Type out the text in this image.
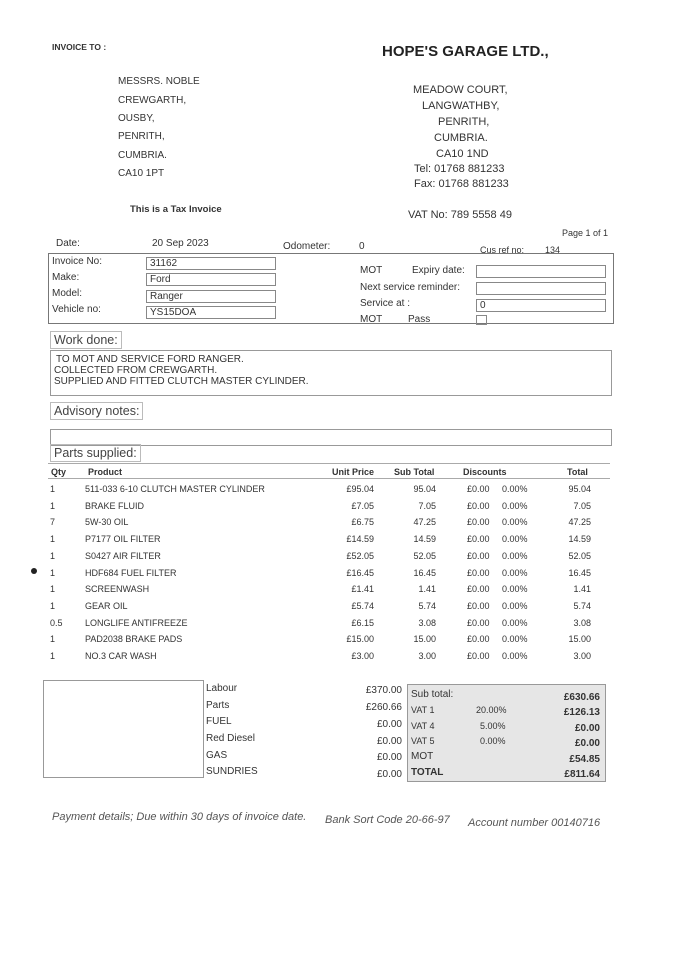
INVOICE TO :	HOPE'S GARAGE LTD.,
MESSRS. NOBLE
CREWGARTH,
OUSBY,
PENRITH,
CUMBRIA.
CA10 1PT
MEADOW COURT,
LANGWATHBY,
PENRITH,
CUMBRIA.
CA10 1ND
Tel: 01768 881233
Fax: 01768 881233
This is a Tax Invoice	VAT No: 789 5558 49
Page 1 of 1
Date:	20 Sep 2023	Odometer:	0	Cus ref no: 134
Invoice No:	31162
Make:	Ford
Model:	Ranger
Vehicle no:	YS15DOA
MOT	Expiry date:
Next service reminder:
Service at :	0
MOT	Pass
Work done:
TO MOT AND SERVICE FORD RANGER.
COLLECTED FROM CREWGARTH.
SUPPLIED AND FITTED CLUTCH MASTER CYLINDER.
Advisory notes:
Parts supplied:
Qty Product	Unit Price Sub Total	Discounts	Total
1	511-033 6-10 CLUTCH MASTER CYLINDER	£95.04	95.04	£0.00 0.00%	95.04
1	BRAKE FLUID	£7.05	7.05	£0.00 0.00%	7.05
7	5W-30 OIL	£6.75	47.25	£0.00 0.00%	47.25
1	P7177 OIL FILTER	£14.59	14.59	£0.00 0.00%	14.59
1	S0427 AIR FILTER	£52.05	52.05	£0.00 0.00%	52.05
1	HDF684 FUEL FILTER	£16.45	16.45	£0.00 0.00%	16.45
1	SCREENWASH	£1.41	1.41	£0.00 0.00%	1.41
1	GEAR OIL	£5.74	5.74	£0.00 0.00%	5.74
0.5 LONGLIFE ANTIFREEZE	£6.15	3.08	£0.00 0.00%	3.08
1	PAD2038 BRAKE PADS	£15.00	15.00	£0.00 0.00%	15.00
1	NO.3 CAR WASH	£3.00	3.00	£0.00 0.00%	3.00
Labour	£370.00
Parts	£260.66
FUEL	£0.00
Red Diesel	£0.00
GAS	£0.00
SUNDRIES	£0.00
Sub total:	£630.66
VAT 1	20.00%	£126.13
VAT 4	5.00%	£0.00
VAT 5	0.00%	£0.00
MOT	£54.85
TOTAL	£811.64
Payment details; Due within 30 days of invoice date. Bank Sort Code 20-66-97 Account number 00140716
